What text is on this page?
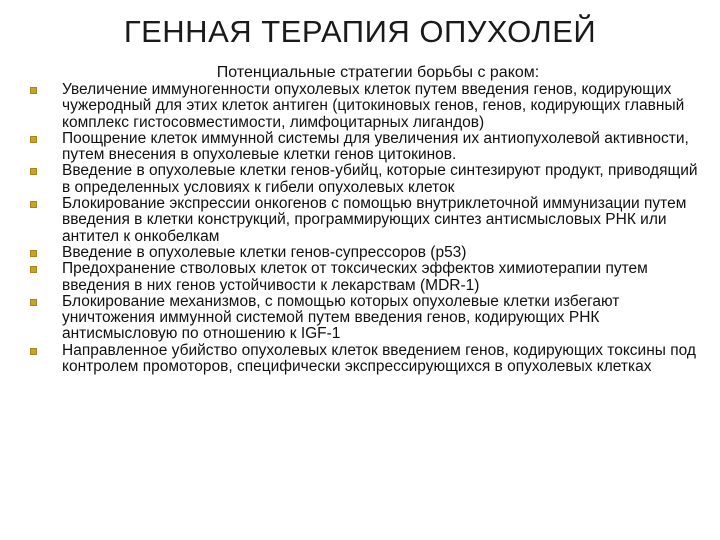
ГЕННАЯ ТЕРАПИЯ ОПУХОЛЕЙ
Потенциальные стратегии борьбы с раком:
Увеличение иммуногенности опухолевых клеток путем введения генов, кодирующих чужеродный для этих клеток антиген (цитокиновых генов, генов, кодирующих главный комплекс гистосовместимости, лимфоцитарных лигандов)
Поощрение клеток иммунной системы для увеличения их антиопухолевой активности, путем внесения в опухолевые клетки генов цитокинов.
Введение в опухолевые клетки генов-убийц, которые синтезируют продукт, приводящий в определенных условиях к гибели опухолевых клеток
Блокирование экспрессии онкогенов с помощью внутриклеточной иммунизации путем введения в клетки конструкций, программирующих синтез антисмысловых РНК или антител к онкобелкам
Введение в опухолевые клетки генов-супрессоров (р53)
Предохранение стволовых клеток от токсических эффектов химиотерапии путем введения в них генов устойчивости к лекарствам (MDR-1)
Блокирование механизмов, с помощью которых опухолевые клетки избегают уничтожения иммунной системой путем введения генов, кодирующих РНК антисмысловую по отношению к IGF-1
Направленное убийство опухолевых клеток введением генов, кодирующих токсины под контролем промоторов, специфически экспрессирующихся в опухолевых клетках
